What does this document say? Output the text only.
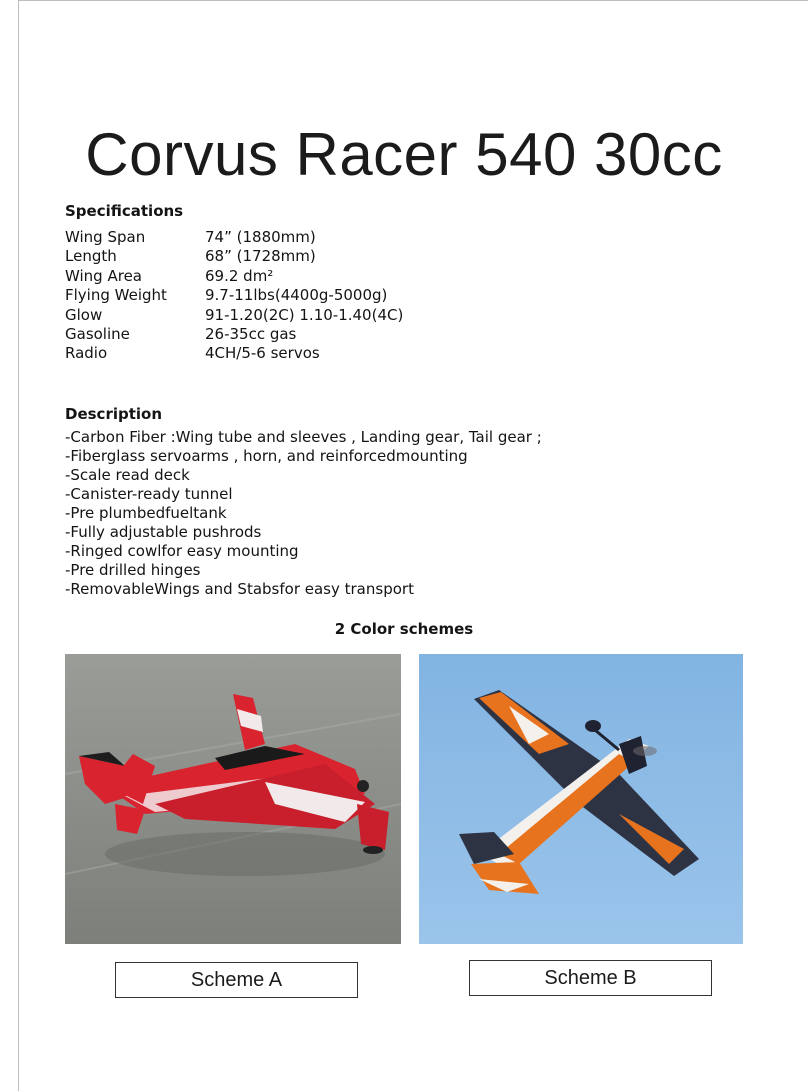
Corvus Racer 540 30cc
Specifications
Wing Span	74” (1880mm)
Length	68” (1728mm)
Wing Area	69.2 dm²
Flying Weight	9.7-11lbs(4400g-5000g)
Glow	91-1.20(2C) 1.10-1.40(4C)
Gasoline	26-35cc gas
Radio	4CH/5-6 servos
Description
-Carbon Fiber :Wing tube and sleeves , Landing gear, Tail gear ;
-Fiberglass servoarms , horn, and reinforcedmounting
-Scale read deck
-Canister-ready tunnel
-Pre plumbedfueltank
-Fully adjustable pushrods
-Ringed cowlfor easy mounting
-Pre drilled hinges
-RemovableWings and Stabsfor easy transport
2 Color schemes
Scheme A	Scheme B
